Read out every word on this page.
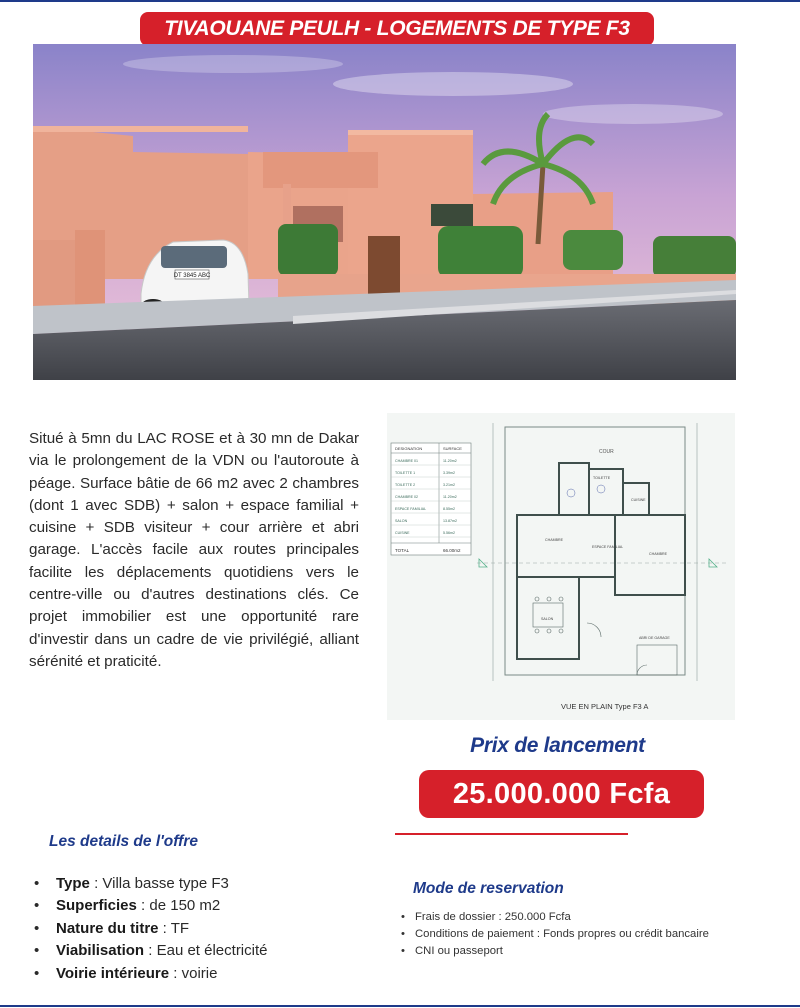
TIVAOUANE PEULH - LOGEMENTS DE TYPE F3
DT 3845 ABC

Situé à 5mn du LAC ROSE et à 30 mn de Dakar via le prolongement de la VDN ou l'autoroute à péage. Surface bâtie de 66 m2 avec 2 chambres (dont 1 avec SDB) + salon + espace familial + cuisine + SDB visiteur + cour arrière et abri garage. L'accès facile aux routes principales facilite les déplacements quotidiens vers le centre-ville ou d'autres destinations clés. Ce projet immobilier est une opportunité rare d'investir dans un cadre de vie privilégié, alliant sérénité et praticité.

COUR
DESIGNATION	SURFACE
CHAMBRE 01	11.20m2
TOILETTE 1	3.39m2
TOILETTE 2	3.21m2
CHAMBRE 02	11.20m2
ESPACE FAMILIAL	8.55m2
SALON	13.87m2
CUISINE	5.56m2
TOTAL	66.00m2
CHAMBRE
CHAMBRE
ESPACE FAMILIAL
SALON
CUISINE
TOILETTE
ABRI DE GARAGE
VUE EN PLAIN Type F3 A
Prix de lancement
25.000.000 Fcfa
Les details de l'offre
• Type : Villa basse type F3
• Superficies : de 150 m2
• Nature du titre : TF
• Viabilisation : Eau et électricité
• Voirie intérieure : voirie
Mode de reservation
• Frais de dossier : 250.000 Fcfa
• Conditions de paiement : Fonds propres ou crédit bancaire
• CNI ou passeport
